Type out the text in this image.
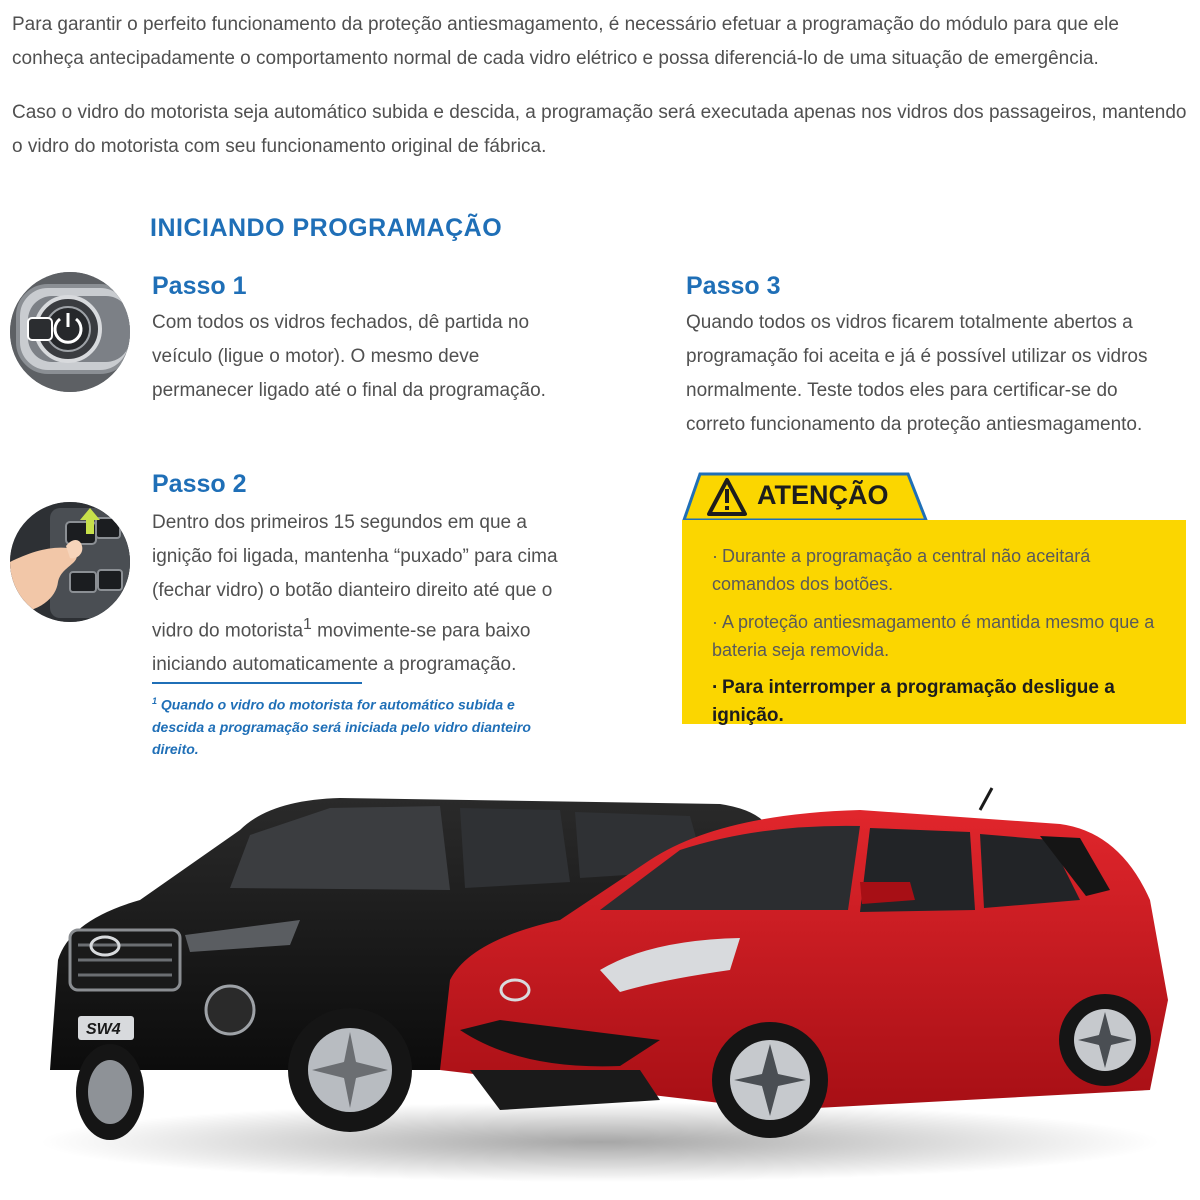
Para garantir o perfeito funcionamento da proteção antiesmagamento, é necessário efetuar a programação do módulo para que ele conheça antecipadamente o comportamento normal de cada vidro elétrico e possa diferenciá-lo de uma situação de emergência.

Caso o vidro do motorista seja automático subida e descida, a programação será executada apenas nos vidros dos passageiros, mantendo o vidro do motorista com seu funcionamento original de fábrica.

INICIANDO PROGRAMAÇÃO
Passo 1

Com todos os vidros fechados, dê partida no veículo (ligue o motor). O mesmo deve permanecer ligado até o final da programação.

Passo 2

Dentro dos primeiros 15 segundos em que a ignição foi ligada, mantenha “puxado” para cima (fechar vidro) o botão dianteiro direito até que o vidro do motorista$^1$ movimente-se para baixo iniciando automaticamente a programação.

$^1$ Quando o vidro do motorista for automático subida e descida a programação será iniciada pelo vidro dianteiro direito.

Passo 3

Quando todos os vidros ficarem totalmente abertos a programação foi aceita e já é possível utilizar os vidros normalmente. Teste todos eles para certificar-se do correto funcionamento da proteção antiesmagamento.

ATENÇÃO

· Durante a programação a central não aceitará comandos dos botões.

· A proteção antiesmagamento é mantida mesmo que a bateria seja removida.

· Para interromper a programação desligue a ignição.

SW4
